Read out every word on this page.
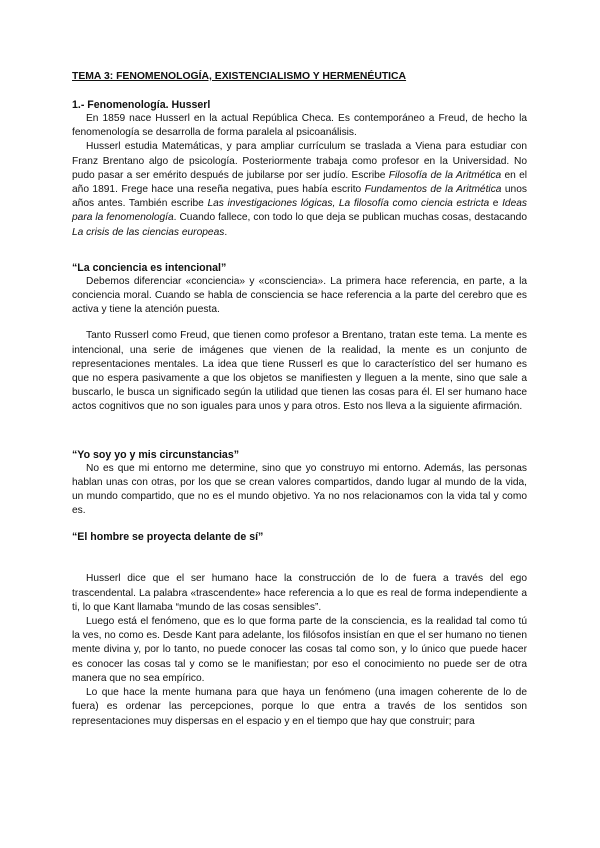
TEMA 3: FENOMENOLOGÍA, EXISTENCIALISMO Y HERMENÉUTICA
1.- Fenomenología. Husserl

En 1859 nace Husserl en la actual República Checa. Es contemporáneo a Freud, de hecho la fenomenología se desarrolla de forma paralela al psicoanálisis.

Husserl estudia Matemáticas, y para ampliar currículum se traslada a Viena para estudiar con Franz Brentano algo de psicología. Posteriormente trabaja como profesor en la Universidad. No pudo pasar a ser emérito después de jubilarse por ser judío. Escribe Filosofía de la Aritmética en el año 1891. Frege hace una reseña negativa, pues había escrito Fundamentos de la Aritmética unos años antes. También escribe Las investigaciones lógicas, La filosofía como ciencia estricta e Ideas para la fenomenología. Cuando fallece, con todo lo que deja se publican muchas cosas, destacando La crisis de las ciencias europeas.

“La conciencia es intencional”

Debemos diferenciar «conciencia» y «consciencia». La primera hace referencia, en parte, a la conciencia moral. Cuando se habla de consciencia se hace referencia a la parte del cerebro que es activa y tiene la atención puesta.

Tanto Russerl como Freud, que tienen como profesor a Brentano, tratan este tema. La mente es intencional, una serie de imágenes que vienen de la realidad, la mente es un conjunto de representaciones mentales. La idea que tiene Russerl es que lo característico del ser humano es que no espera pasivamente a que los objetos se manifiesten y lleguen a la mente, sino que sale a buscarlo, le busca un significado según la utilidad que tienen las cosas para él. El ser humano hace actos cognitivos que no son iguales para unos y para otros. Esto nos lleva a la siguiente afirmación.

“Yo soy yo y mis circunstancias”

No es que mi entorno me determine, sino que yo construyo mi entorno. Además, las personas hablan unas con otras, por los que se crean valores compartidos, dando lugar al mundo de la vida, un mundo compartido, que no es el mundo objetivo. Ya no nos relacionamos con la vida tal y como es.

“El hombre se proyecta delante de sí”

Husserl dice que el ser humano hace la construcción de lo de fuera a través del ego trascendental. La palabra «trascendente» hace referencia a lo que es real de forma independiente a ti, lo que Kant llamaba “mundo de las cosas sensibles”.

Luego está el fenómeno, que es lo que forma parte de la consciencia, es la realidad tal como tú la ves, no como es. Desde Kant para adelante, los filósofos insistían en que el ser humano no tienen mente divina y, por lo tanto, no puede conocer las cosas tal como son, y lo único que puede hacer es conocer las cosas tal y como se le manifiestan; por eso el conocimiento no puede ser de otra manera que no sea empírico.

Lo que hace la mente humana para que haya un fenómeno (una imagen coherente de lo de fuera) es ordenar las percepciones, porque lo que entra a través de los sentidos son representaciones muy dispersas en el espacio y en el tiempo que hay que construir; para
